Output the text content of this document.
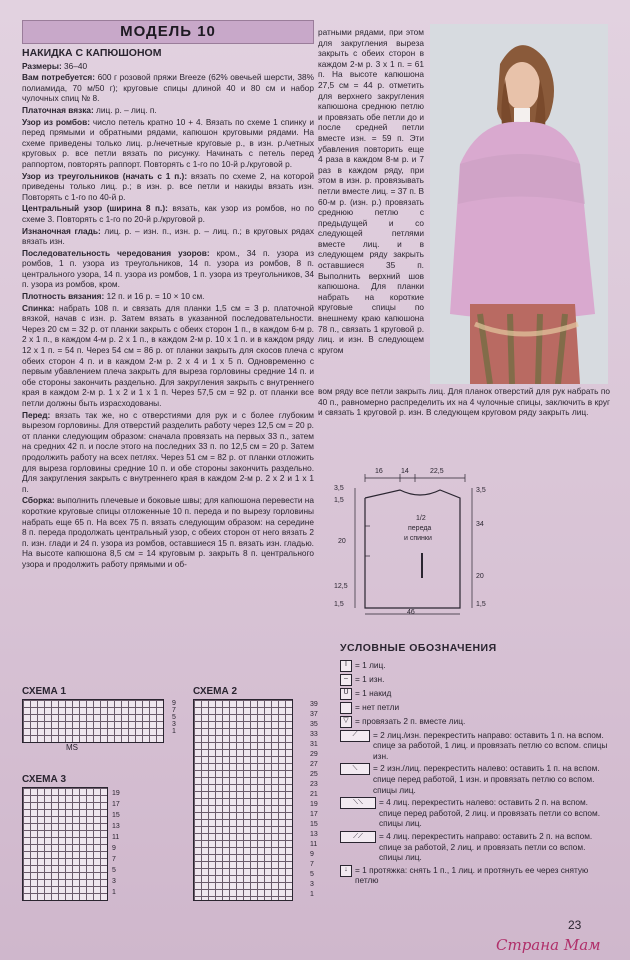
МОДЕЛЬ 10
НАКИДКА С КАПЮШОНОМ

Размеры: 36–40

Вам потребуется: 600 г розовой пряжи Breeze (62% овечьей шерсти, 38% полиамида, 70 м/50 г); круговые спицы длиной 40 и 80 см и набор чулочных спиц № 8.

Платочная вязка: лиц. р. – лиц. п.

Узор из ромбов: число петель кратно 10 + 4. Вязать по схеме 1 спинку и перед прямыми и обратными рядами, капюшон круговыми рядами. На схеме приведены только лиц. р./нечетные круговые р., в изн. р./четных круговых р. все петли вязать по рисунку. Начинать с петель перед раппортом, повторять раппорт. Повторять с 1-го по 10-й р./круговой р.

Узор из треугольников (начать с 1 п.): вязать по схеме 2, на которой приведены только лиц. р.; в изн. р. все петли и накиды вязать изн. Повторять с 1-го по 40-й р.

Центральный узор (ширина 8 п.): вязать, как узор из ромбов, но по схеме 3. Повторять с 1-го по 20-й р./круговой р.

Изнаночная гладь: лиц. р. – изн. п., изн. р. – лиц. п.; в круговых рядах вязать изн.

Последовательность чередования узоров: кром., 34 п. узора из ромбов, 1 п. узора из треугольников, 14 п. узора из ромбов, 8 п. центрального узора, 14 п. узора из ромбов, 1 п. узора из треугольников, 34 п. узора из ромбов, кром.

Плотность вязания: 12 п. и 16 р. = 10 × 10 см.

Спинка: набрать 108 п. и связать для планки 1,5 см = 3 р. платочной вязкой, начав с изн. р. Затем вязать в указанной последовательности. Через 20 см = 32 р. от планки закрыть с обеих сторон 1 п., в каждом 6-м р. 2 х 1 п., в каждом 4-м р. 2 х 1 п., в каждом 2-м р. 10 х 1 п. и в каждом ряду 12 х 1 п. = 54 п. Через 54 см = 86 р. от планки закрыть для скосов плеча с обеих сторон 4 п. и в каждом 2-м р. 2 х 4 и 1 х 5 п. Одновременно с первым убавлением плеча закрыть для выреза горловины средние 14 п. и обе стороны закончить раздельно. Для закругления закрыть с внутреннего края в каждом 2-м р. 1 х 2 и 1 х 1 п. Через 57,5 см = 92 р. от планки все петли должны быть израсходованы.

Перед: вязать так же, но с отверстиями для рук и с более глубоким вырезом горловины. Для отверстий разделить работу через 12,5 см = 20 р. от планки следующим образом: сначала провязать на первых 33 п., затем на средних 42 п. и после этого на последних 33 п. по 12,5 см = 20 р. Затем продолжить работу на всех петлях. Через 51 см = 82 р. от планки отложить для выреза горловины средние 10 п. и обе стороны закончить раздельно. Для закругления закрыть с внутреннего края в каждом 2-м р. 2 х 2 и 1 х 1 п.

Сборка: выполнить плечевые и боковые швы; для капюшона перевести на короткие круговые спицы отложенные 10 п. переда и по вырезу горловины набрать еще 65 п. На всех 75 п. вязать следующим образом: на середине 8 п. переда продолжать центральный узор, с обеих сторон от него вязать 2 п. изн. глади и 24 п. узора из ромбов, оставшиеся 15 п. вязать изн. гладью. На высоте капюшона 8,5 см = 14 круговым р. закрыть 8 п. центрального узора и продолжить работу прямыми и об-

ратными рядами, при этом для закругления выреза закрыть с обеих сторон в каждом 2-м р. 3 х 1 п. = 61 п. На высоте капюшона 27,5 см = 44 р. отметить для верхнего закругления капюшона среднюю петлю и провязать обе петли до и после средней петли вместе изн. = 59 п. Эти убавления повторить еще 4 раза в каждом 8-м р. и 7 раз в каждом ряду, при этом в изн. р. провязывать петли вместе лиц. = 37 п. В 60-м р. (изн. р.) провязать среднюю петлю с предыдущей и со следующей петлями вместе лиц. и в следующем ряду закрыть оставшиеся 35 п. Выполнить верхний шов капюшона. Для планки набрать на короткие круговые спицы по внешнему краю капюшона 78 п., связать 1 круговой р. лиц. и изн. В следующем кругом
вом ряду все петли закрыть лиц. Для планок отверстий для рук набрать по 40 п., равномерно распределить их на 4 чулочные спицы, заключить в круг и связать 1 круговой р. изн. В следующем круговом ряду закрыть лиц.
16	14	22,5
3,5
1,5
20
12,5
1,5
3,5
34
20
1,5
1/2
переда
и спинки
46
УСЛОВНЫЕ ОБОЗНАЧЕНИЯ
I = 1 лиц.
– = 1 изн.
U = 1 накид
= нет петли
▽ = провязать 2 п. вместе лиц.
⟋	= 2 лиц./изн. перекрестить направо: оставить 1 п. на вспом. спице за работой, 1 лиц. и провязать петлю со вспом. спицы изн.
⟍	= 2 изн./лиц. перекрестить налево: оставить 1 п. на вспом. спице перед работой, 1 изн. и провязать петлю со вспом. спицы лиц.
⟍⟍	= 4 лиц. перекрестить налево: оставить 2 п. на вспом. спице перед работой, 2 лиц. и провязать петли со вспом. спицы лиц.
⟋⟋	= 4 лиц. перекрестить направо: оставить 2 п. на вспом. спице за работой, 2 лиц. и провязать петли со вспом. спицы лиц.
↓ = 1 протяжка: снять 1 п., 1 лиц. и протянуть ее через снятую петлю
СХЕМА 1
MS
9
7
5
3
1
СХЕМА 3
19
17
15
13
11
9
7
5
3
1
СХЕМА 2
39
37
35
33
31
29
27
25
23
21
19
17
15
13
11
9
7
5
3
1
23
Страна Мам
